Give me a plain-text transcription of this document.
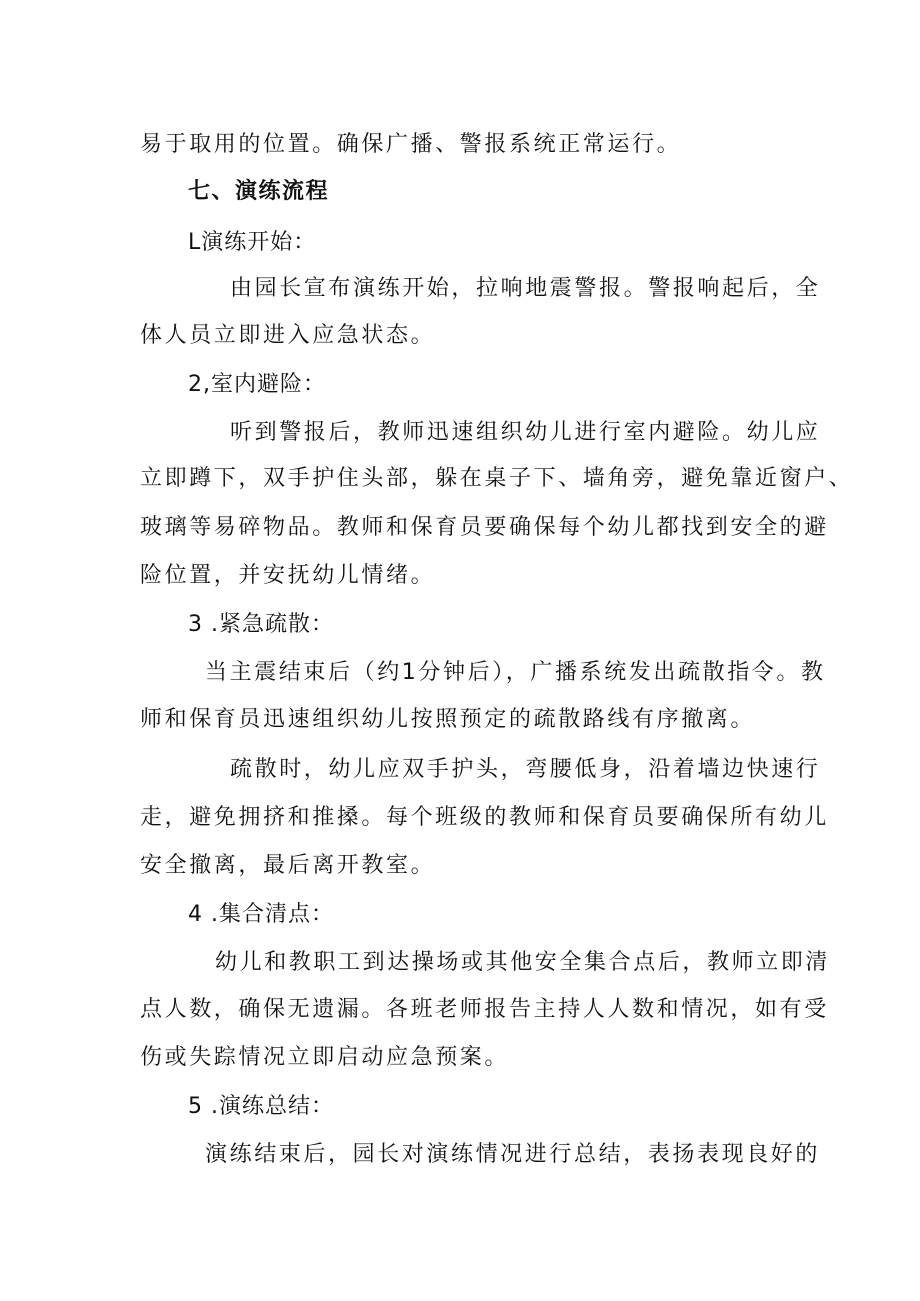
易于取用的位置。确保广播、警报系统正常运行。
七、演练流程
L演练开始：
由园长宣布演练开始，拉响地震警报。警报响起后，全
体人员立即进入应急状态。
2,室内避险：
听到警报后，教师迅速组织幼儿进行室内避险。幼儿应
立即蹲下，双手护住头部，躲在桌子下、墙角旁，避免靠近窗户、
玻璃等易碎物品。教师和保育员要确保每个幼儿都找到安全的避
险位置，并安抚幼儿情绪。
3 .紧急疏散：
当主震结束后（约1分钟后），广播系统发出疏散指令。教
师和保育员迅速组织幼儿按照预定的疏散路线有序撤离。
疏散时，幼儿应双手护头，弯腰低身，沿着墙边快速行
走，避免拥挤和推搡。每个班级的教师和保育员要确保所有幼儿
安全撤离，最后离开教室。
4 .集合清点：
幼儿和教职工到达操场或其他安全集合点后，教师立即清
点人数，确保无遗漏。各班老师报告主持人人数和情况，如有受
伤或失踪情况立即启动应急预案。
5 .演练总结：
演练结束后，园长对演练情况进行总结，表扬表现良好的
